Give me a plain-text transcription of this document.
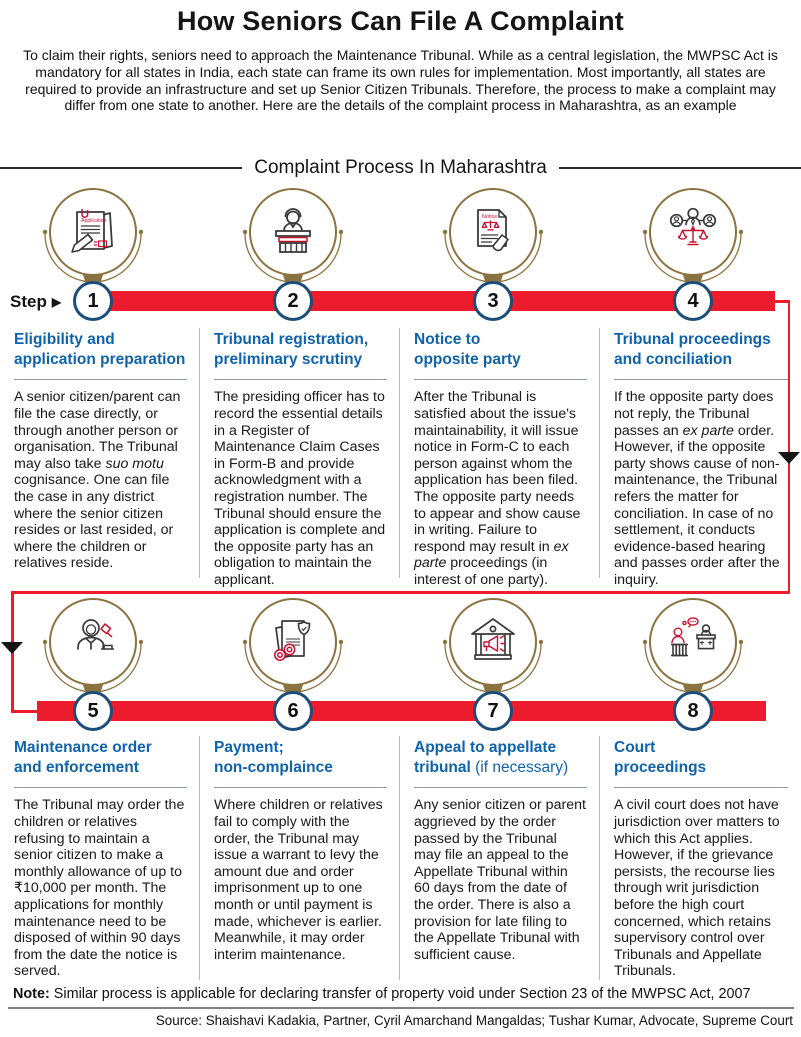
How Seniors Can File A Complaint

To claim their rights, seniors need to approach the Maintenance Tribunal. While as a central legislation, the MWPSC Act is mandatory for all states in India, each state can frame its own rules for implementation. Most importantly, all states are required to provide an infrastructure and set up Senior Citizen Tribunals. Therefore, the process to make a complaint may differ from one state to another. Here are the details of the complaint process in Maharashtra, as an example

Complaint Process In Maharashtra
Step ▶
Application
Notice
1	2	3	4
5	6	7	8
Eligibility and
application preparation

A senior citizen/parent can file the case directly, or through another person or organisation. The Tribunal may also take suo motu cognisance. One can file the case in any district where the senior citizen resides or last resided, or where the children or relatives reside.

Tribunal registration,
preliminary scrutiny

The presiding officer has to record the essential details in a Register of Maintenance Claim Cases in Form-B and provide acknowledgment with a registration number. The Tribunal should ensure the application is complete and the opposite party has an obligation to maintain the applicant.

Notice to
opposite party

After the Tribunal is satisfied about the issue's maintainability, it will issue notice in Form-C to each person against whom the application has been filed. The opposite party needs to appear and show cause in writing. Failure to respond may result in ex parte proceedings (in interest of one party).

Tribunal proceedings
and conciliation

If the opposite party does not reply, the Tribunal passes an ex parte order. However, if the opposite party shows cause of non-maintenance, the Tribunal refers the matter for conciliation. In case of no settlement, it conducts evidence-based hearing and passes order after the inquiry.

Maintenance order
and enforcement

The Tribunal may order the children or relatives refusing to maintain a senior citizen to make a monthly allowance of up to ₹10,000 per month. The applications for monthly maintenance need to be disposed of within 90 days from the date the notice is served.

Payment;
non-complaince

Where children or relatives fail to comply with the order, the Tribunal may issue a warrant to levy the amount due and order imprisonment up to one month or until payment is made, whichever is earlier. Meanwhile, it may order interim maintenance.

Appeal to appellate
tribunal (if necessary)

Any senior citizen or parent aggrieved by the order passed by the Tribunal may file an appeal to the Appellate Tribunal within 60 days from the date of the order. There is also a provision for late filing to the Appellate Tribunal with sufficient cause.

Court
proceedings

A civil court does not have jurisdiction over matters to which this Act applies. However, if the grievance persists, the recourse lies through writ jurisdiction before the high court concerned, which retains supervisory control over Tribunals and Appellate Tribunals.

Note: Similar process is applicable for declaring transfer of property void under Section 23 of the MWPSC Act, 2007
Source: Shaishavi Kadakia, Partner, Cyril Amarchand Mangaldas; Tushar Kumar, Advocate, Supreme Court
